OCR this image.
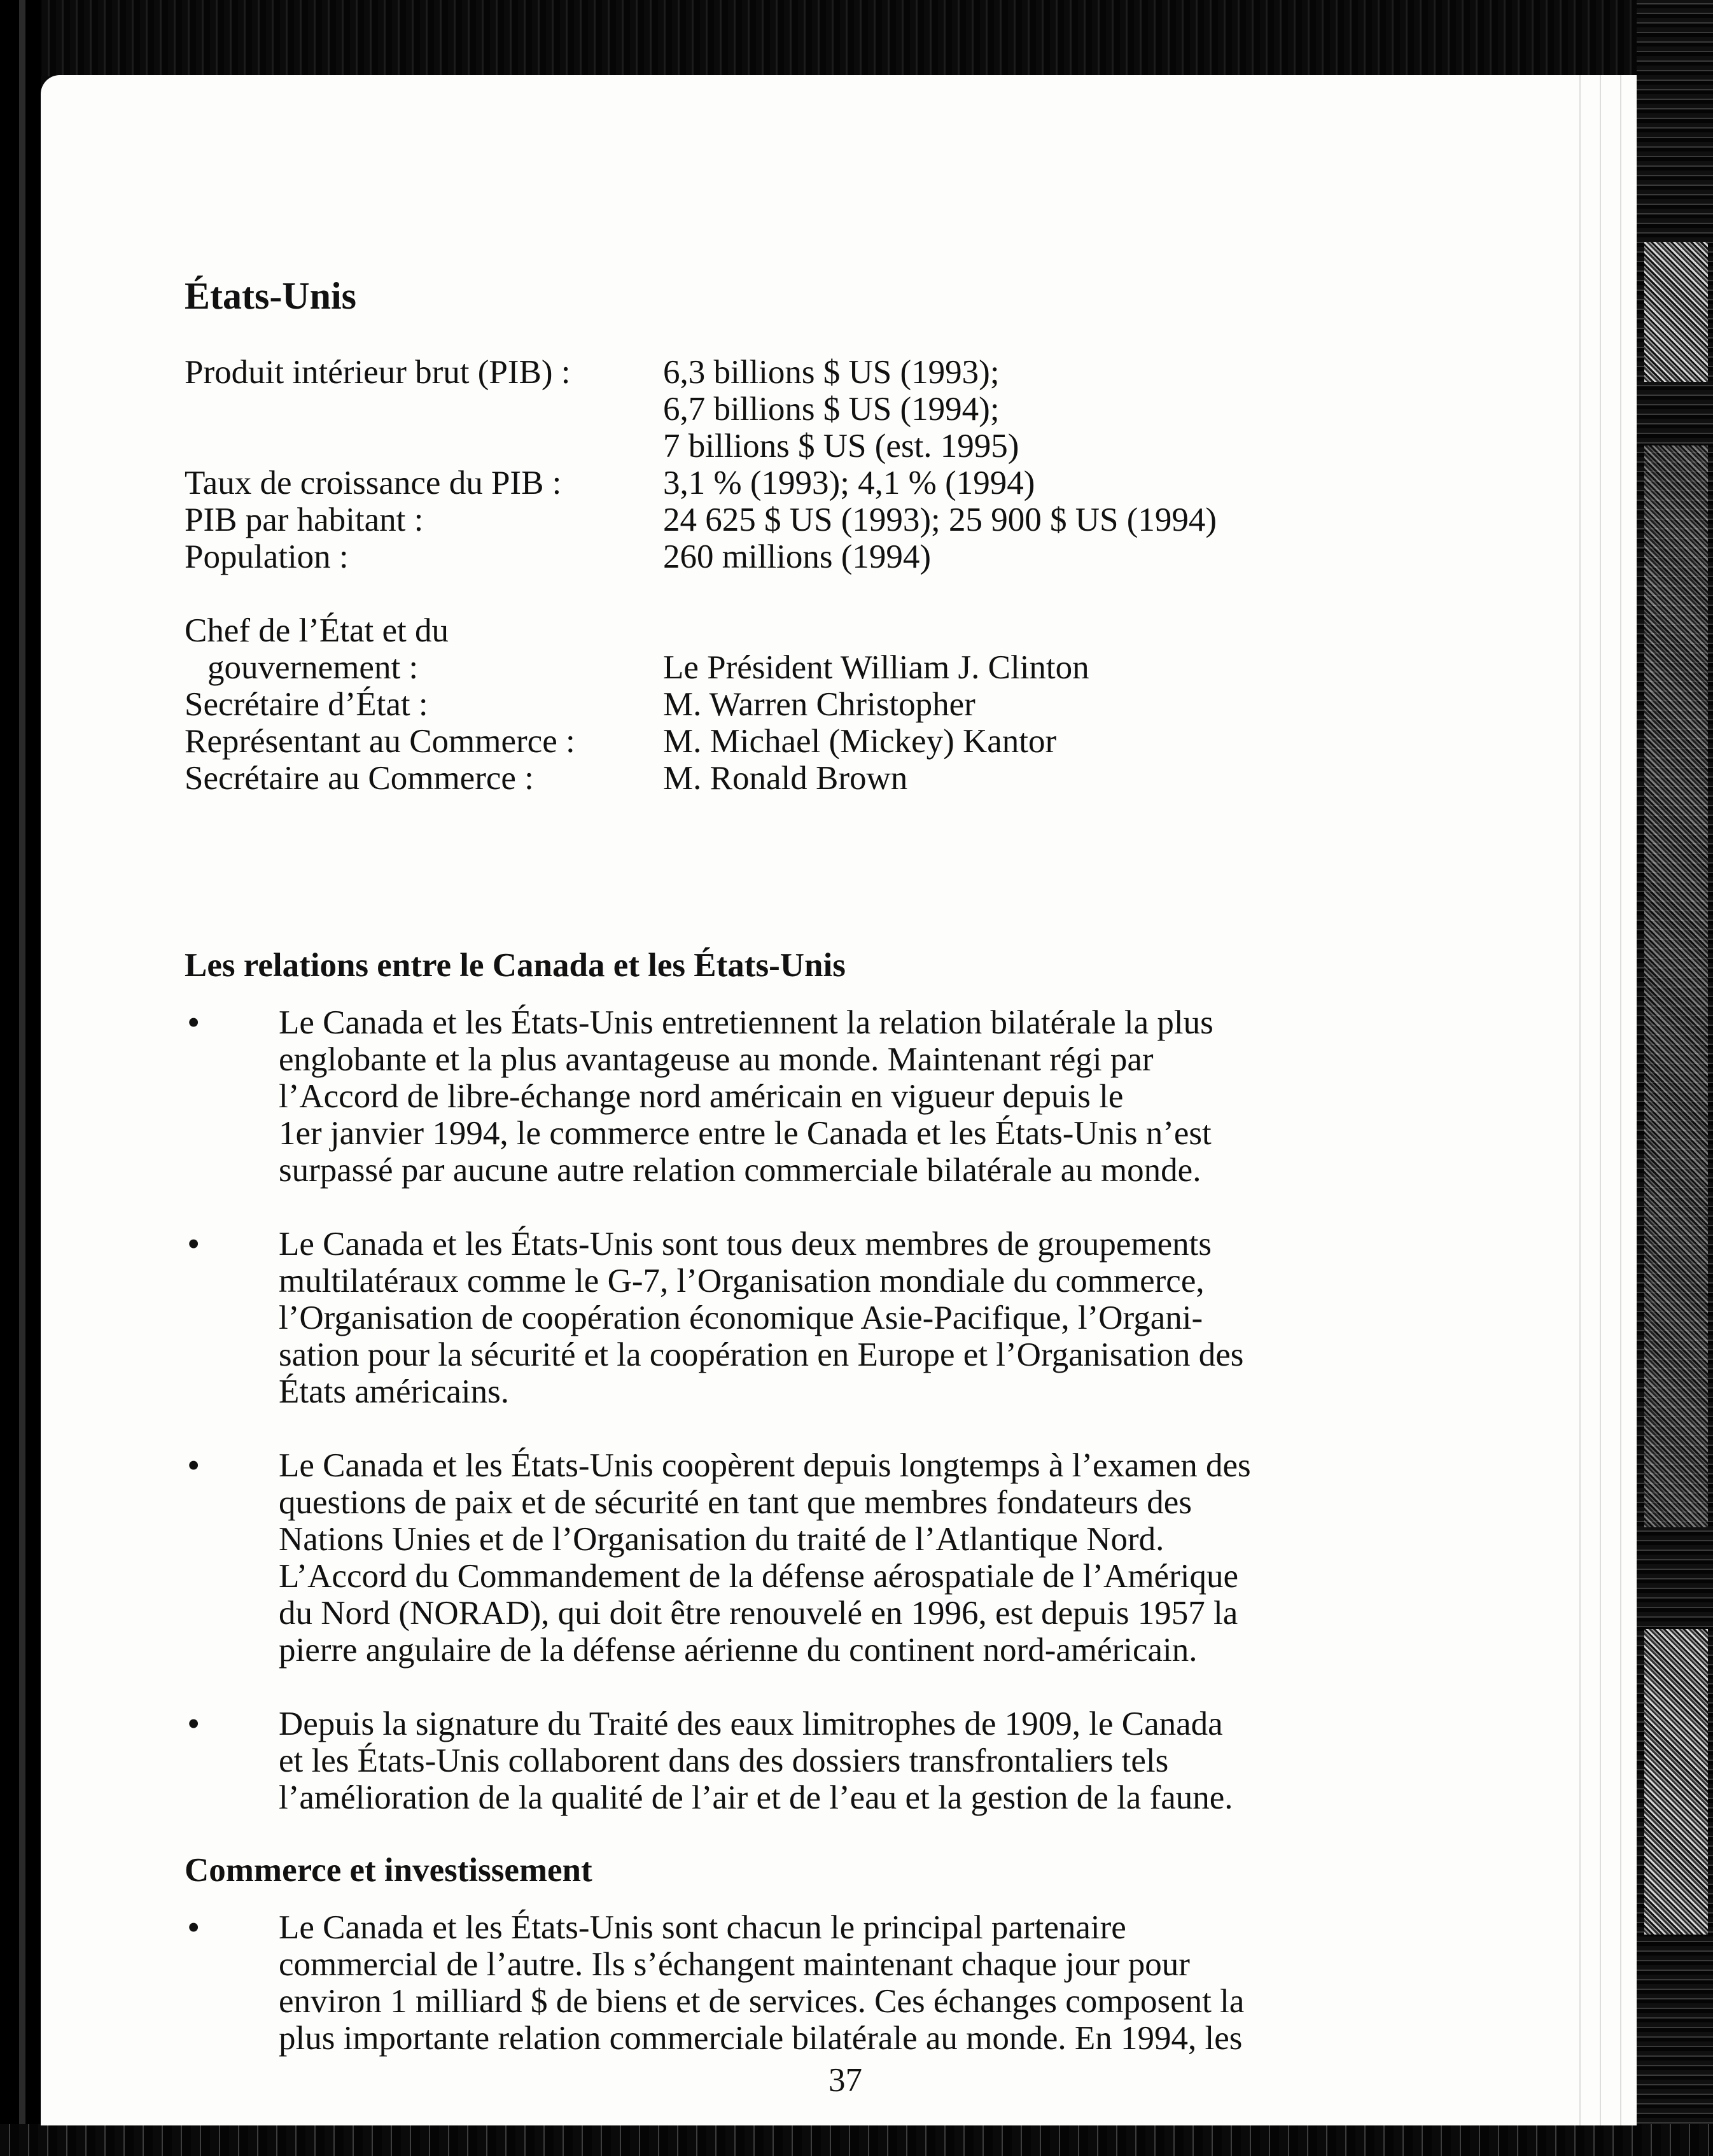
États-Unis
Produit intérieur brut (PIB) :	6,3 billions $ US (1993);
6,7 billions $ US (1994);
7 billions $ US (est. 1995)
Taux de croissance du PIB :	3,1 % (1993); 4,1 % (1994)
PIB par habitant :	24 625 $ US (1993); 25 900 $ US (1994)
Population :	260 millions (1994)
Chef de l’État et du
gouvernement :	Le Président William J. Clinton
Secrétaire d’État :	M. Warren Christopher
Représentant au Commerce :	M. Michael (Mickey) Kantor
Secrétaire au Commerce :	M. Ronald Brown
Les relations entre le Canada et les États-Unis
• Le Canada et les États-Unis entretiennent la relation bilatérale la plus
englobante et la plus avantageuse au monde. Maintenant régi par
l’Accord de libre-échange nord américain en vigueur depuis le
1er janvier 1994, le commerce entre le Canada et les États-Unis n’est
surpassé par aucune autre relation commerciale bilatérale au monde.
• Le Canada et les États-Unis sont tous deux membres de groupements
multilatéraux comme le G-7, l’Organisation mondiale du commerce,
l’Organisation de coopération économique Asie-Pacifique, l’Organi-
sation pour la sécurité et la coopération en Europe et l’Organisation des
États américains.
• Le Canada et les États-Unis coopèrent depuis longtemps à l’examen des
questions de paix et de sécurité en tant que membres fondateurs des
Nations Unies et de l’Organisation du traité de l’Atlantique Nord.
L’Accord du Commandement de la défense aérospatiale de l’Amérique
du Nord (NORAD), qui doit être renouvelé en 1996, est depuis 1957 la
pierre angulaire de la défense aérienne du continent nord-américain.
• Depuis la signature du Traité des eaux limitrophes de 1909, le Canada
et les États-Unis collaborent dans des dossiers transfrontaliers tels
l’amélioration de la qualité de l’air et de l’eau et la gestion de la faune.
Commerce et investissement
• Le Canada et les États-Unis sont chacun le principal partenaire
commercial de l’autre. Ils s’échangent maintenant chaque jour pour
environ 1 milliard $ de biens et de services. Ces échanges composent la
plus importante relation commerciale bilatérale au monde. En 1994, les
37
